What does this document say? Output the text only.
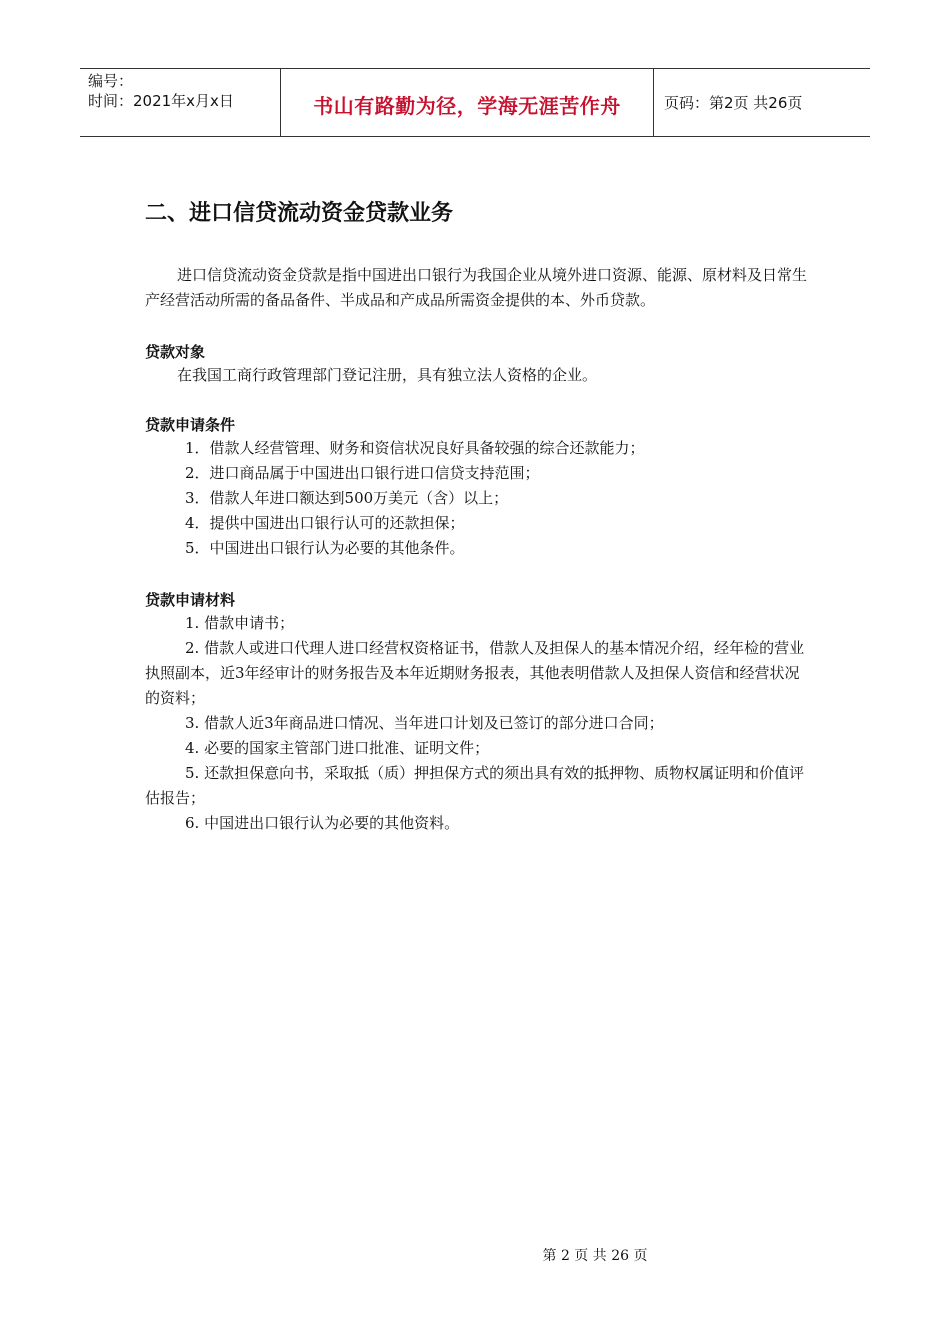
编号：
时间：2021年x月x日	书山有路勤为径，学海无涯苦作舟	页码：第2页 共26页
二、进口信贷流动资金贷款业务

进口信贷流动资金贷款是指中国进出口银行为我国企业从境外进口资源、能源、原材料及日常生产经营活动所需的备品备件、半成品和产成品所需资金提供的本、外币贷款。

贷款对象

在我国工商行政管理部门登记注册，具有独立法人资格的企业。

贷款申请条件
1．借款人经营管理、财务和资信状况良好具备较强的综合还款能力；
2．进口商品属于中国进出口银行进口信贷支持范围；
3．借款人年进口额达到500万美元（含）以上；
4．提供中国进出口银行认可的还款担保；
5．中国进出口银行认为必要的其他条件。
贷款申请材料
1. 借款申请书；
2. 借款人或进口代理人进口经营权资格证书，借款人及担保人的基本情况介绍，经年检的营业执照副本，近3年经审计的财务报告及本年近期财务报表，其他表明借款人及担保人资信和经营状况的资料；
3. 借款人近3年商品进口情况、当年进口计划及已签订的部分进口合同；
4. 必要的国家主管部门进口批准、证明文件；
5. 还款担保意向书，采取抵（质）押担保方式的须出具有效的抵押物、质物权属证明和价值评估报告；
6. 中国进出口银行认为必要的其他资料。
第 2 页 共 26 页
